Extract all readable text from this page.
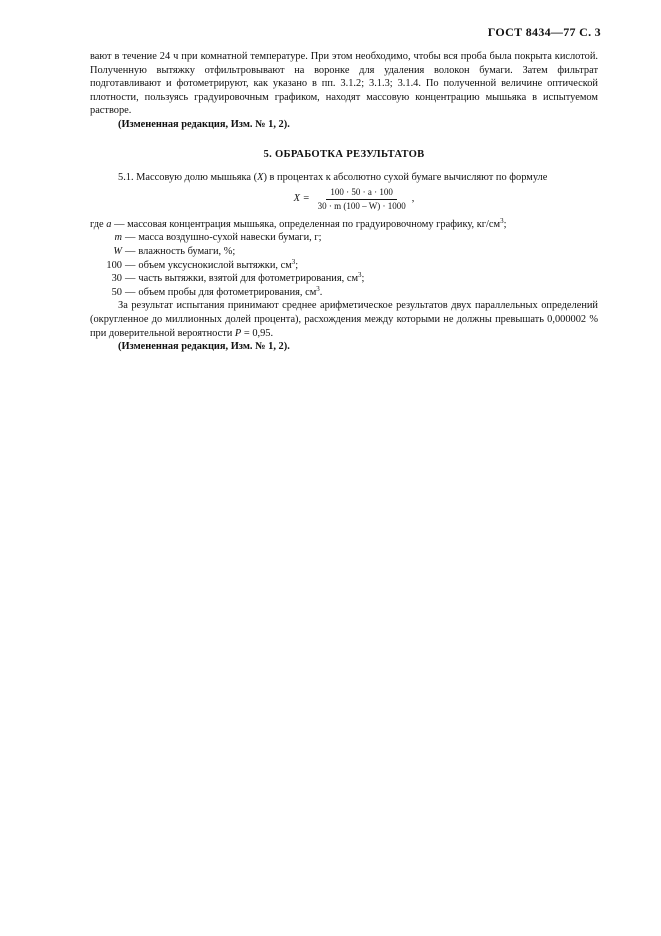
ГОСТ 8434—77 С. 3

вают в течение 24 ч при комнатной температуре. При этом необходимо, чтобы вся проба была покрыта кислотой. Полученную вытяжку отфильтровывают на воронке для удаления волокон бумаги. Затем фильтрат подготавливают и фотометрируют, как указано в пп. 3.1.2; 3.1.3; 3.1.4. По полученной величине оптической плотности, пользуясь градуировочным графиком, находят массовую концентрацию мышьяка в испытуемом растворе.

(Измененная редакция, Изм. № 1, 2).

5. ОБРАБОТКА РЕЗУЛЬТАТОВ

5.1. Массовую долю мышьяка (X) в процентах к абсолютно сухой бумаге вычисляют по формуле

$X = \frac{100 \cdot 50 \cdot a \cdot 100}{30 \cdot m (100 - W) \cdot 1000}$ ,
где
a
—
массовая концентрация мышьяка, определенная по градуировочному графику, $кг/см^3$;
m — масса воздушно-сухой навески бумаги, г;
W — влажность бумаги, %;
100 — объем уксуснокислой вытяжки, $см^3$;
30 — часть вытяжки, взятой для фотометрирования, $см^3$;
50 — объем пробы для фотометрирования, $см^3$.

За результат испытания принимают среднее арифметическое результатов двух параллельных определений (округленное до миллионных долей процента), расхождения между которыми не должны превышать 0,000002 % при доверительной вероятности P = 0,95.

(Измененная редакция, Изм. № 1, 2).
